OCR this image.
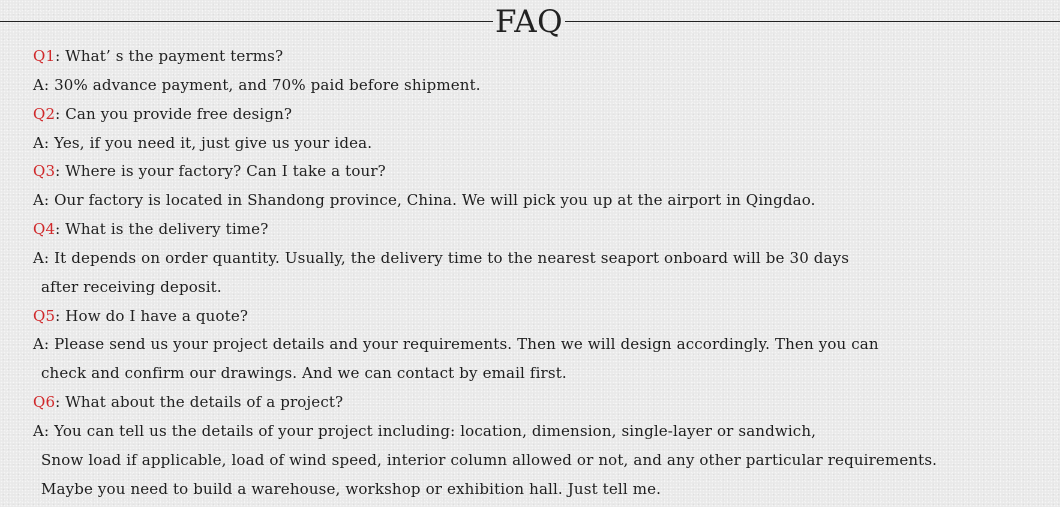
FAQ
Q1: What’ s the payment terms?
A: 30% advance payment, and 70% paid before shipment.
Q2: Can you provide free design?
A: Yes, if you need it, just give us your idea.
Q3: Where is your factory? Can I take a tour?
A: Our factory is located in Shandong province, China. We will pick you up at the airport in Qingdao.
Q4: What is the delivery time?
A: It depends on order quantity. Usually, the delivery time to the nearest seaport onboard will be 30 days
after receiving deposit.
Q5: How do I have a quote?
A: Please send us your project details and your requirements. Then we will design accordingly. Then you can
check and confirm our drawings. And we can contact by email first.
Q6: What about the details of a project?
A: You can tell us the details of your project including: location, dimension, single-layer or sandwich,
Snow load if applicable, load of wind speed, interior column allowed or not, and any other particular requirements.
Maybe you need to build a warehouse, workshop or exhibition hall. Just tell me.
